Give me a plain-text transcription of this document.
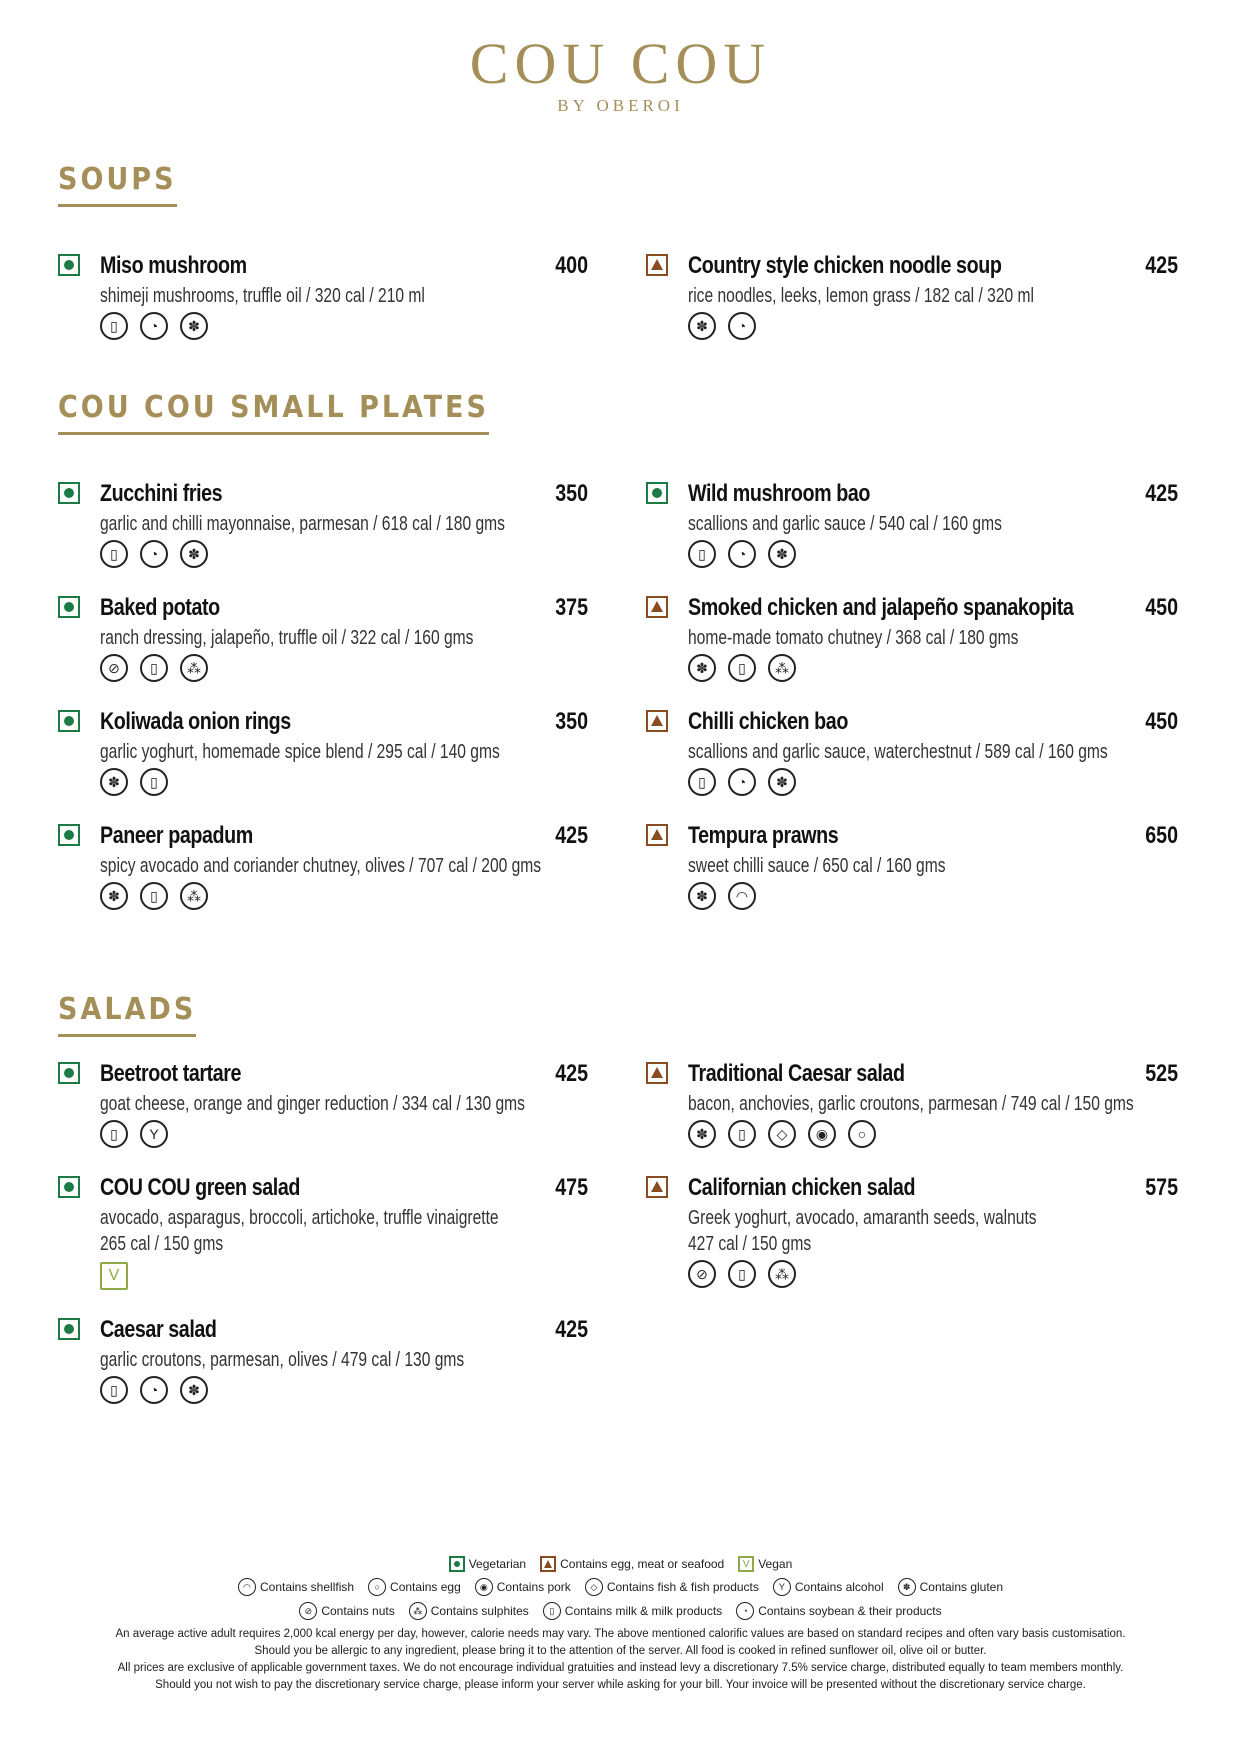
COU COU
BY OBEROI
SOUPS
Miso mushroom	400
shimeji mushrooms, truffle oil / 320 cal / 210 ml
▯	◔	✽
Country style chicken noodle soup	425
rice noodles, leeks, lemon grass / 182 cal / 320 ml
✽	◔
COU COU SMALL PLATES
Zucchini fries	350
garlic and chilli mayonnaise, parmesan / 618 cal / 180 gms
▯	◔	✽
Wild mushroom bao	425
scallions and garlic sauce / 540 cal / 160 gms
▯	◔	✽
Baked potato	375
ranch dressing, jalapeño, truffle oil / 322 cal / 160 gms
⊘	▯	⁂
Smoked chicken and jalapeño spanakopita	450
home-made tomato chutney / 368 cal / 180 gms
✽	▯	⁂
Koliwada onion rings	350
garlic yoghurt, homemade spice blend / 295 cal / 140 gms
✽	▯
Chilli chicken bao	450
scallions and garlic sauce, waterchestnut / 589 cal / 160 gms
▯	◔	✽
Paneer papadum	425
spicy avocado and coriander chutney, olives / 707 cal / 200 gms
✽	▯	⁂
Tempura prawns	650
sweet chilli sauce / 650 cal / 160 gms
✽	◠
SALADS
Beetroot tartare	425
goat cheese, orange and ginger reduction / 334 cal / 130 gms
▯	Y
Traditional Caesar salad	525
bacon, anchovies, garlic croutons, parmesan / 749 cal / 150 gms
✽	▯	◇	◉	○
COU COU green salad	475
avocado, asparagus, broccoli, artichoke, truffle vinaigrette
265 cal / 150 gms
V
Californian chicken salad	575
Greek yoghurt, avocado, amaranth seeds, walnuts
427 cal / 150 gms
⊘	▯	⁂
Caesar salad	425
garlic croutons, parmesan, olives / 479 cal / 130 gms
▯	◔	✽
Vegetarian	Contains egg, meat or seafood	V Vegan
◠ Contains shellfish	○ Contains egg	◉ Contains pork	◇ Contains fish & fish products	Y Contains alcohol	✽ Contains gluten
⊘ Contains nuts	⁂ Contains sulphites	▯ Contains milk & milk products	◔ Contains soybean & their products
An average active adult requires 2,000 kcal energy per day, however, calorie needs may vary. The above mentioned calorific values are based on standard recipes and often vary basis customisation.
Should you be allergic to any ingredient, please bring it to the attention of the server. All food is cooked in refined sunflower oil, olive oil or butter.
All prices are exclusive of applicable government taxes. We do not encourage individual gratuities and instead levy a discretionary 7.5% service charge, distributed equally to team members monthly.
Should you not wish to pay the discretionary service charge, please inform your server while asking for your bill. Your invoice will be presented without the discretionary service charge.
